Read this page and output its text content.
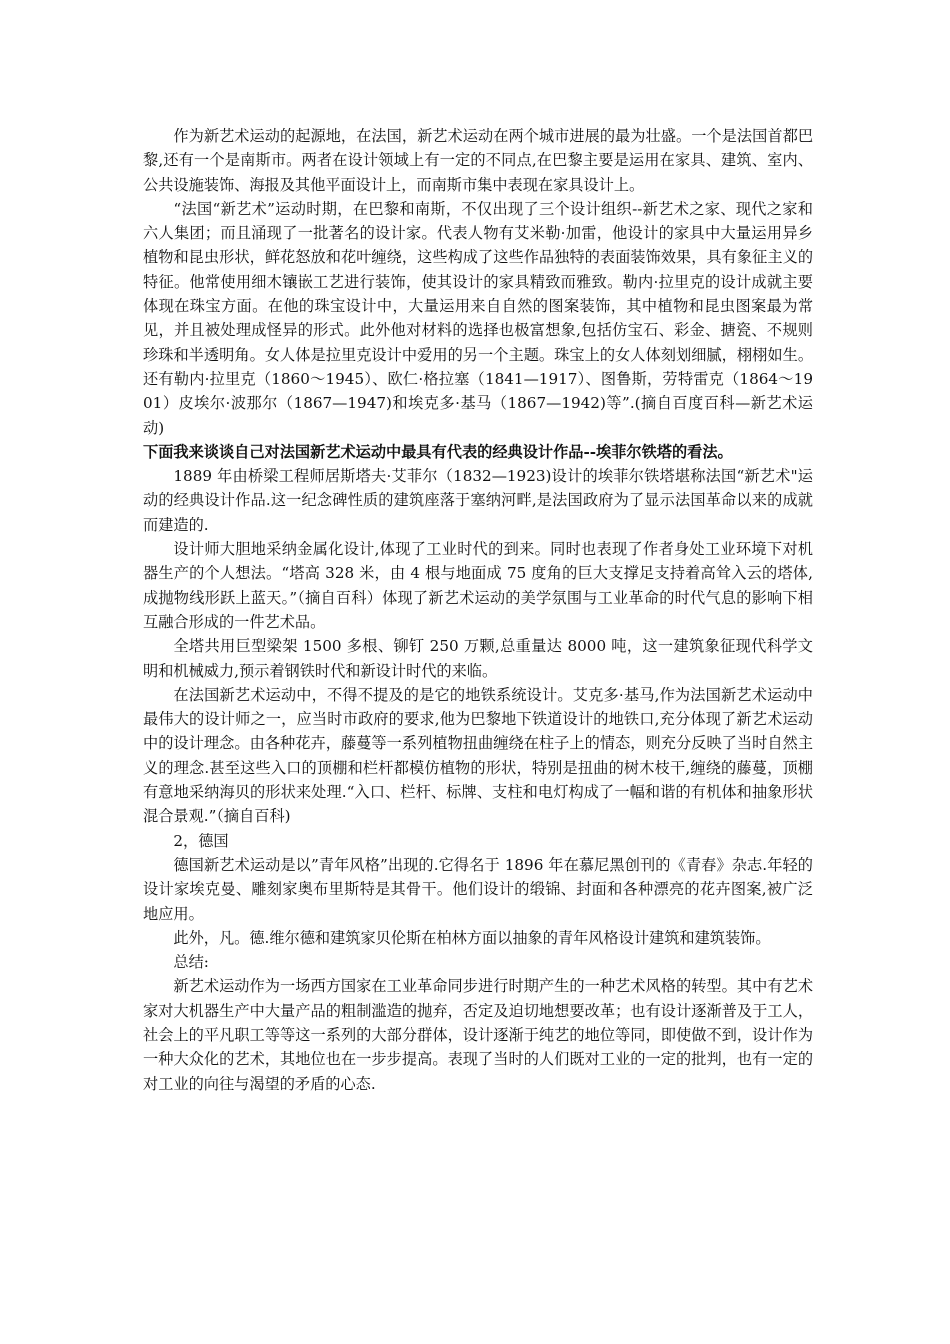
作为新艺术运动的起源地，在法国，新艺术运动在两个城市进展的最为壮盛。一个是法国首都巴黎,还有一个是南斯市。两者在设计领域上有一定的不同点,在巴黎主要是运用在家具、建筑、室内、公共设施装饰、海报及其他平面设计上，而南斯市集中表现在家具设计上。

“法国“新艺术”运动时期，在巴黎和南斯，不仅出现了三个设计组织--新艺术之家、现代之家和六人集团；而且涌现了一批著名的设计家。代表人物有艾米勒·加雷，他设计的家具中大量运用异乡植物和昆虫形状，鲜花怒放和花叶缠绕，这些构成了这些作品独特的表面装饰效果，具有象征主义的特征。他常使用细木镶嵌工艺进行装饰，使其设计的家具精致而雅致。勒内·拉里克的设计成就主要体现在珠宝方面。在他的珠宝设计中，大量运用来自自然的图案装饰，其中植物和昆虫图案最为常见，并且被处理成怪异的形式。此外他对材料的选择也极富想象,包括仿宝石、彩金、搪瓷、不规则珍珠和半透明角。女人体是拉里克设计中爱用的另一个主题。珠宝上的女人体刻划细腻，栩栩如生。还有勒内·拉里克（1860～1945）、欧仁·格拉塞（1841—1917）、图鲁斯，劳特雷克（1864～1901）皮埃尔·波那尔（1867—1947)和埃克多·基马（1867—1942)等”.(摘自百度百科—新艺术运动)

下面我来谈谈自己对法国新艺术运动中最具有代表的经典设计作品--埃菲尔铁塔的看法。

1889 年由桥梁工程师居斯塔夫·艾菲尔（1832—1923)设计的埃菲尔铁塔堪称法国“新艺术"运动的经典设计作品.这一纪念碑性质的建筑座落于塞纳河畔,是法国政府为了显示法国革命以来的成就而建造的.

设计师大胆地采纳金属化设计,体现了工业时代的到来。同时也表现了作者身处工业环境下对机器生产的个人想法。“塔高 328 米，由 4 根与地面成 75 度角的巨大支撑足支持着高耸入云的塔体,成抛物线形跃上蓝天。”（摘自百科）体现了新艺术运动的美学氛围与工业革命的时代气息的影响下相互融合形成的一件艺术品。

全塔共用巨型梁架 1500 多根、铆钉 250 万颗,总重量达 8000 吨，这一建筑象征现代科学文明和机械威力,预示着钢铁时代和新设计时代的来临。

在法国新艺术运动中，不得不提及的是它的地铁系统设计。艾克多·基马,作为法国新艺术运动中最伟大的设计师之一，应当时市政府的要求,他为巴黎地下铁道设计的地铁口,充分体现了新艺术运动中的设计理念。由各种花卉，藤蔓等一系列植物扭曲缠绕在柱子上的情态，则充分反映了当时自然主义的理念.甚至这些入口的顶棚和栏杆都模仿植物的形状，特别是扭曲的树木枝干,缠绕的藤蔓，顶棚有意地采纳海贝的形状来处理.“入口、栏杆、标牌、支柱和电灯构成了一幅和谐的有机体和抽象形状混合景观.”（摘自百科)

2，德国

德国新艺术运动是以”青年风格”出现的.它得名于 1896 年在慕尼黑创刊的《青春》杂志.年轻的设计家埃克曼、雕刻家奥布里斯特是其骨干。他们设计的缎锦、封面和各种漂亮的花卉图案,被广泛地应用。

此外，凡。德.维尔德和建筑家贝伦斯在柏林方面以抽象的青年风格设计建筑和建筑装饰。

总结:

新艺术运动作为一场西方国家在工业革命同步进行时期产生的一种艺术风格的转型。其中有艺术家对大机器生产中大量产品的粗制滥造的抛弃，否定及迫切地想要改革；也有设计逐渐普及于工人，社会上的平凡职工等等这一系列的大部分群体，设计逐渐于纯艺的地位等同，即使做不到，设计作为一种大众化的艺术，其地位也在一步步提高。表现了当时的人们既对工业的一定的批判，也有一定的对工业的向往与渴望的矛盾的心态.
